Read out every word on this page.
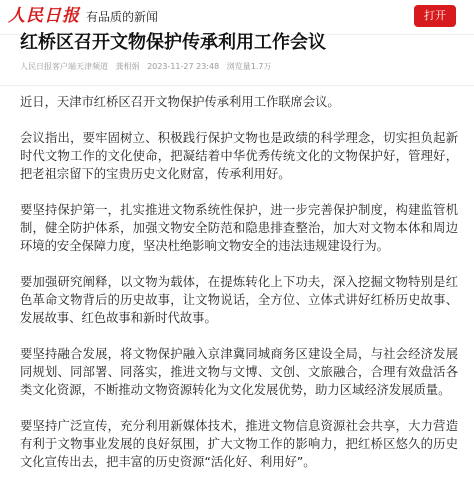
人民日报 有品质的新闻	打开
红桥区召开文物保护传承利用工作会议
人民日报客户端天津频道 龚相娟 2023-11-27 23:48 浏览量1.7万

近日，天津市红桥区召开文物保护传承利用工作联席会议。

会议指出，要牢固树立、积极践行保护文物也是政绩的科学理念，切实担负起新时代文物工作的文化使命，把凝结着中华优秀传统文化的文物保护好，管理好，把老祖宗留下的宝贵历史文化财富，传承利用好。

要坚持保护第一，扎实推进文物系统性保护，进一步完善保护制度，构建监管机制，健全防护体系，加强文物安全防范和隐患排查整治，加大对文物本体和周边环境的安全保障力度，坚决杜绝影响文物安全的违法违规建设行为。

要加强研究阐释，以文物为载体，在提炼转化上下功夫，深入挖掘文物特别是红色革命文物背后的历史故事，让文物说话，全方位、立体式讲好红桥历史故事、发展故事、红色故事和新时代故事。

要坚持融合发展，将文物保护融入京津冀同城商务区建设全局，与社会经济发展同规划、同部署、同落实，推进文物与文博、文创、文旅融合，合理有效盘活各类文化资源，不断推动文物资源转化为文化发展优势，助力区域经济发展质量。

要坚持广泛宣传，充分利用新媒体技术，推进文物信息资源社会共享，大力营造有利于文物事业发展的良好氛围，扩大文物工作的影响力，把红桥区悠久的历史文化宣传出去，把丰富的历史资源“活化好、利用好”。
